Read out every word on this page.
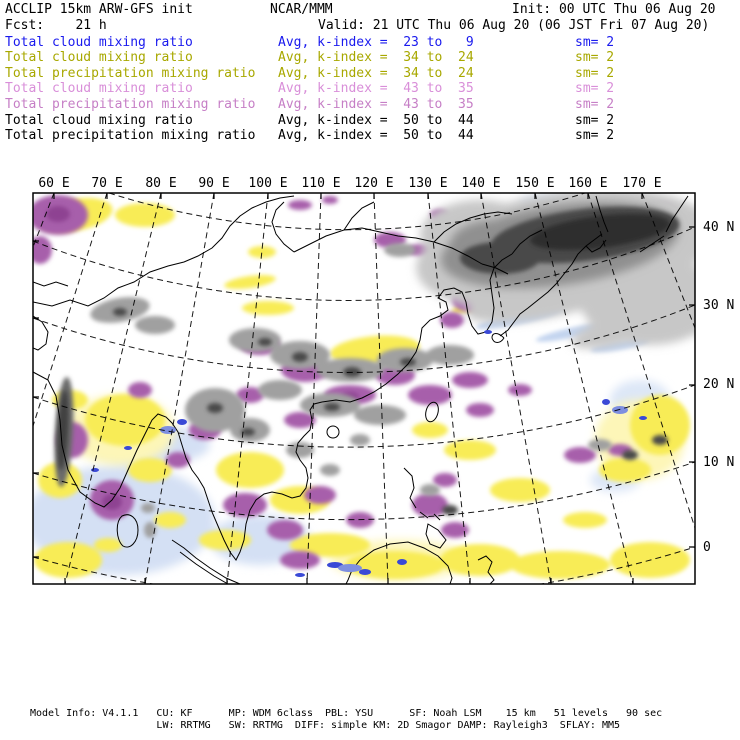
ACCLIP 15km ARW-GFS init	NCAR/MMM	Init: 00 UTC Thu 06 Aug 20
Fcst:    21 h	Valid: 21 UTC Thu 06 Aug 20 (06 JST Fri 07 Aug 20)
Total cloud mixing ratio	Avg, k-index =  23 to   9	sm= 2
Total cloud mixing ratio	Avg, k-index =  34 to  24	sm= 2
Total precipitation mixing ratio Avg, k-index =  34 to  24	sm= 2
Total cloud mixing ratio	Avg, k-index =  43 to  35	sm= 2
Total precipitation mixing ratio Avg, k-index =  43 to  35	sm= 2
Total cloud mixing ratio	Avg, k-index =  50 to  44	sm= 2
Total precipitation mixing ratio Avg, k-index =  50 to  44	sm= 2
60 E	70 E	80 E	90 E	100 E	110 E	120 E	130 E	140 E	150 E	160 E	170 E
40 N
30 N
20 N
10 N
0
Model Info: V4.1.1   CU: KF      MP: WDM 6class  PBL: YSU      SF: Noah LSM    15 km   51 levels   90 sec
LW: RRTMG   SW: RRTMG  DIFF: simple KM: 2D Smagor DAMP: Rayleigh3  SFLAY: MM5
